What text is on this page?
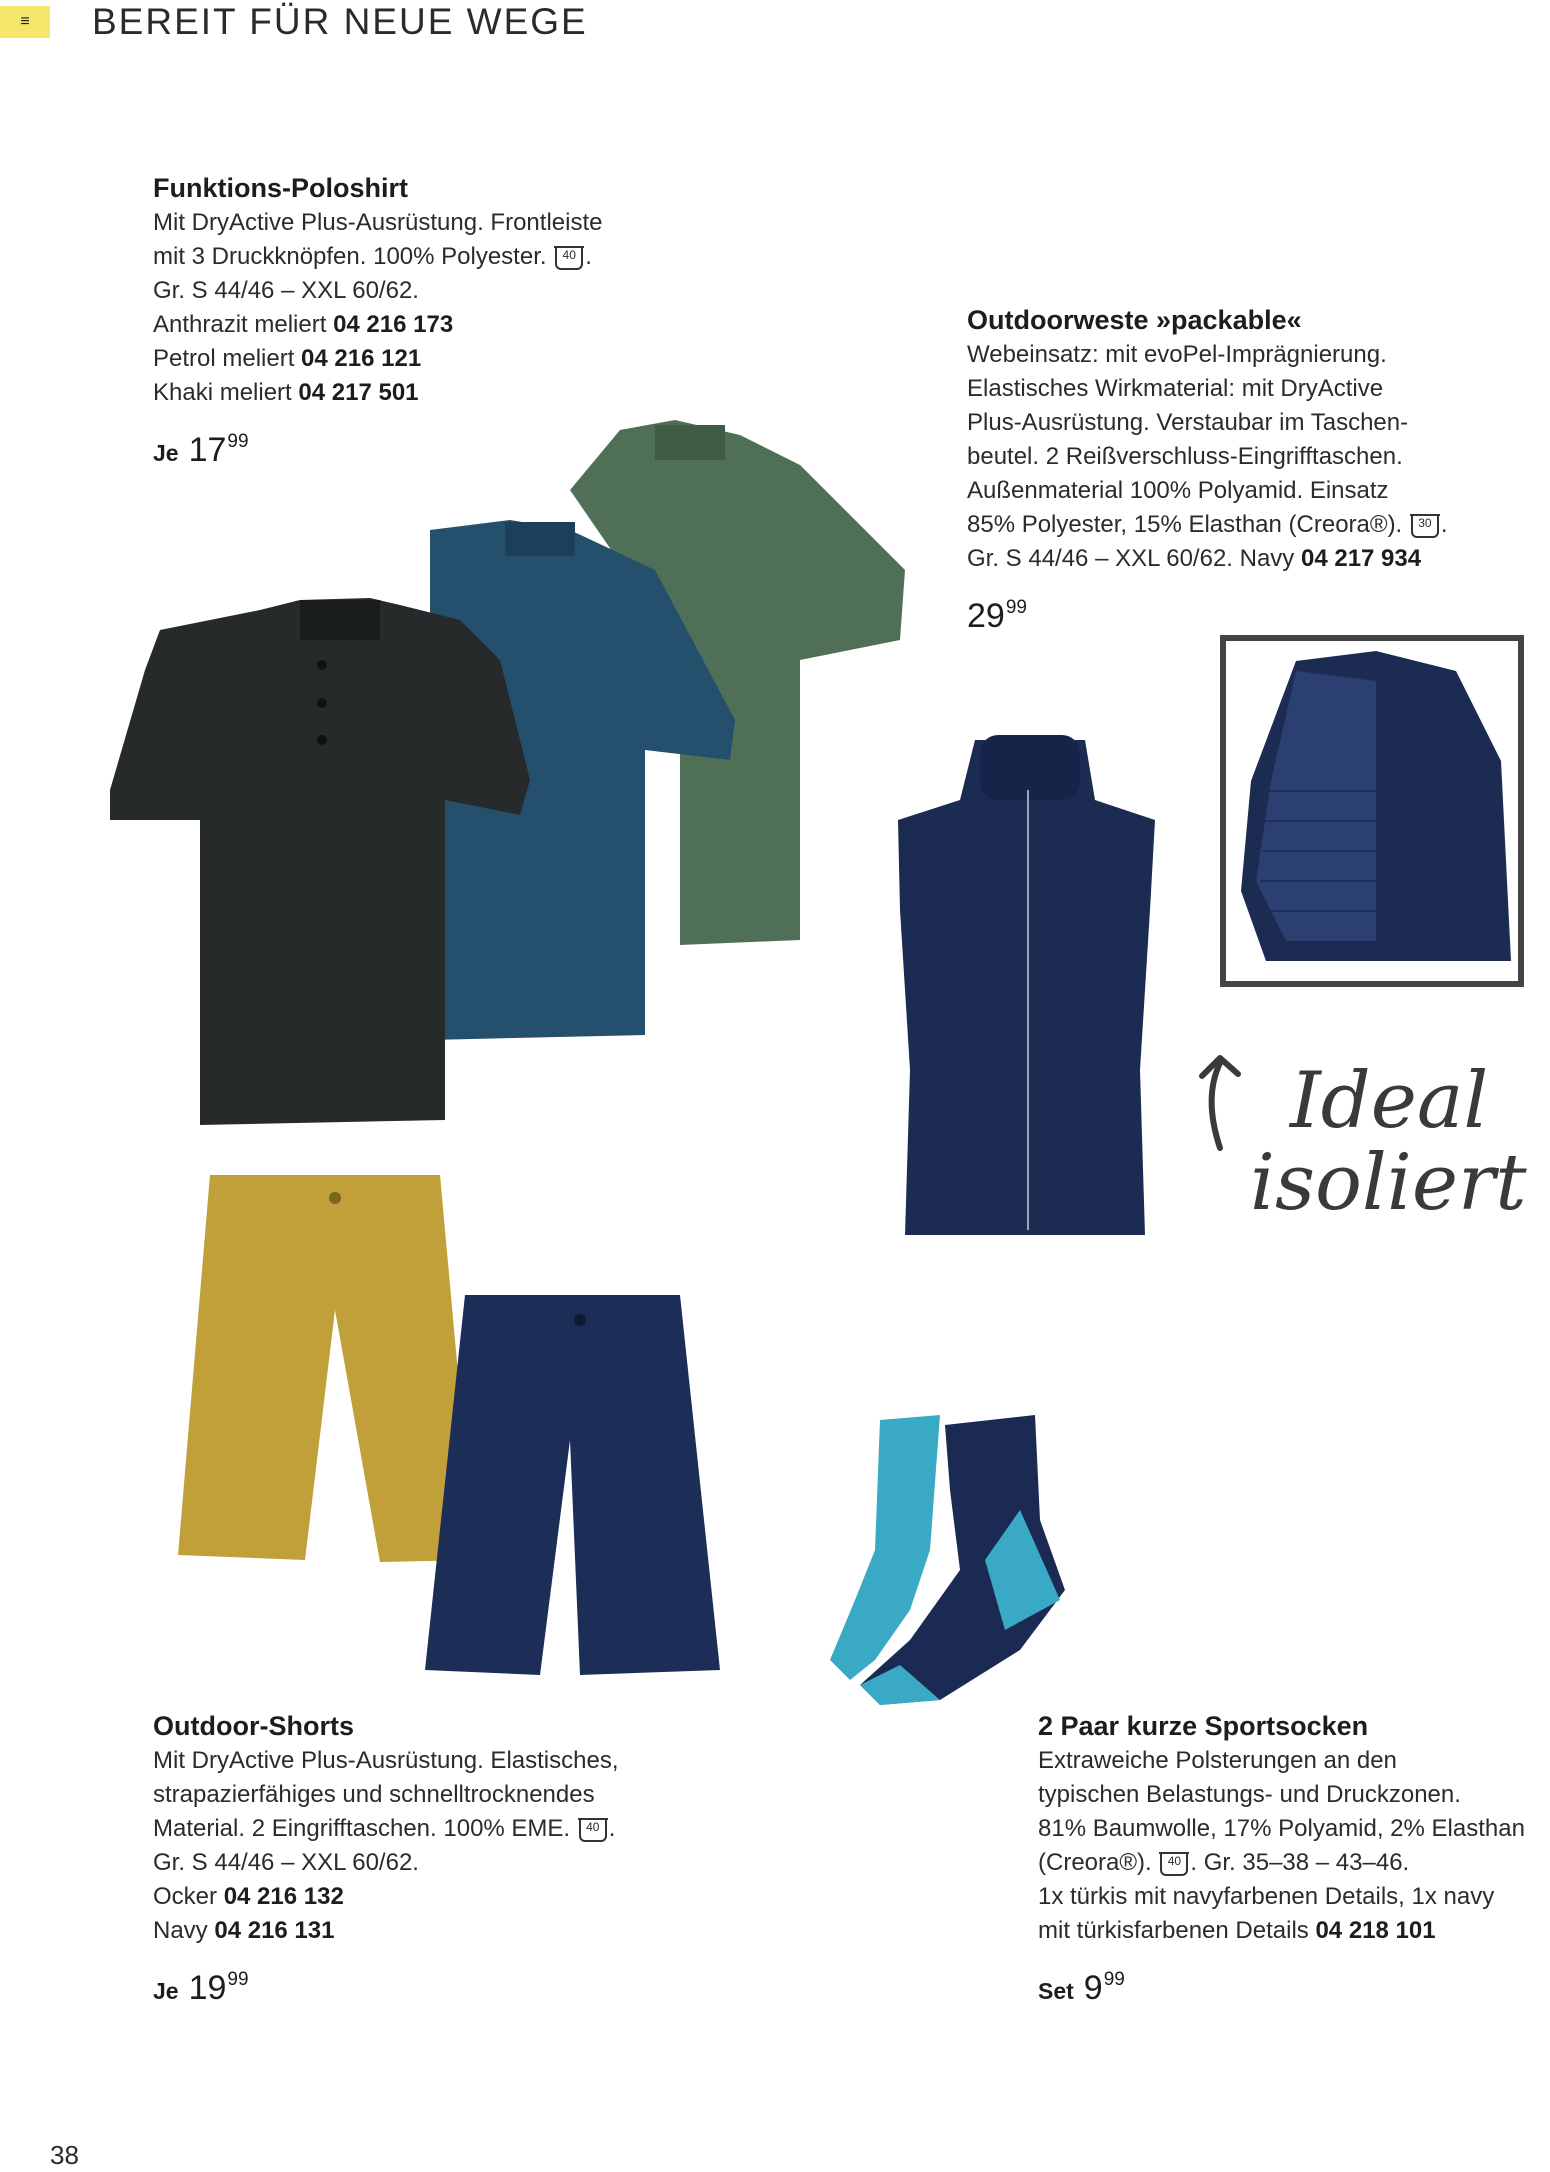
≡ BEREIT FÜR NEUE WEGE
Funktions-Poloshirt
Mit DryActive Plus-Ausrüstung. Frontleiste
mit 3 Druckknöpfen. 100% Polyester. 40 .
Gr. S 44/46 – XXL 60/62.
Anthrazit meliert 04 216 173
Petrol meliert 04 216 121
Khaki meliert 04 217 501
Je $17^{99}$
Outdoorweste »packable«
Webeinsatz: mit evoPel-Imprägnierung.
Elastisches Wirkmaterial: mit DryActive
Plus-Ausrüstung. Verstaubar im Taschen-
beutel. 2 Reißverschluss-Eingrifftaschen.
Außenmaterial 100% Polyamid. Einsatz
85% Polyester, 15% Elasthan (Creora®). 30 .
Gr. S 44/46 – XXL 60/62. Navy 04 217 934
$29^{99}$
Ideal
isoliert
Outdoor-Shorts
Mit DryActive Plus-Ausrüstung. Elastisches,
strapazierfähiges und schnelltrocknendes
Material. 2 Eingrifftaschen. 100% EME. 40 .
Gr. S 44/46 – XXL 60/62.
Ocker 04 216 132
Navy 04 216 131
Je $19^{99}$
2 Paar kurze Sportsocken
Extraweiche Polsterungen an den
typischen Belastungs- und Druckzonen.
81% Baumwolle, 17% Polyamid, 2% Elasthan
(Creora®). 40 . Gr. 35–38 – 43–46.
1x türkis mit navyfarbenen Details, 1x navy
mit türkisfarbenen Details 04 218 101
Set $9^{99}$
38
